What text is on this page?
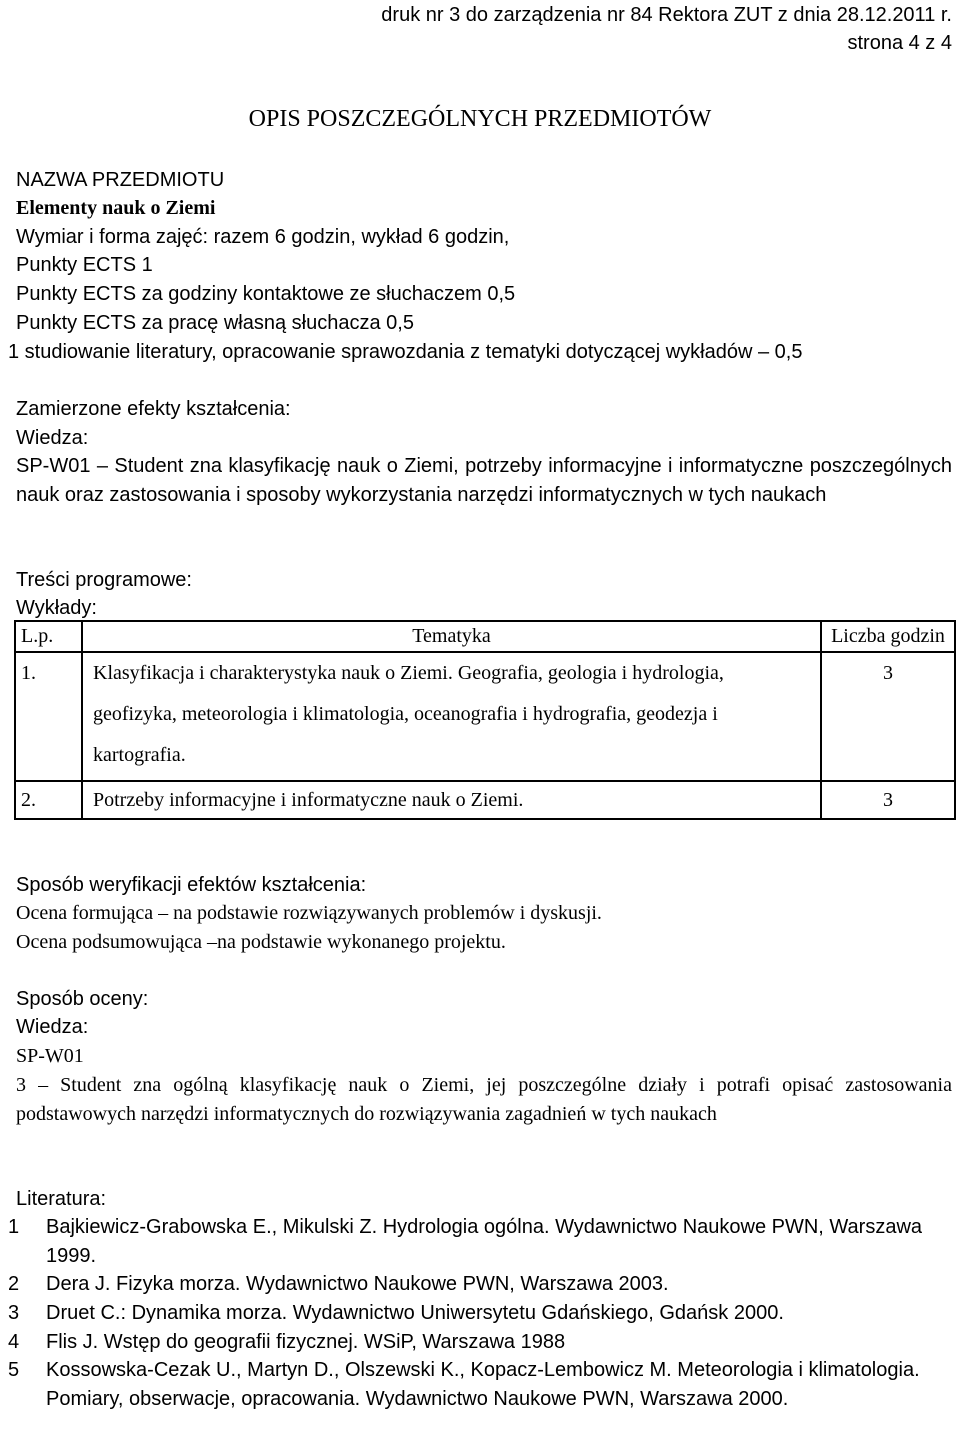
druk nr 3 do zarządzenia nr 84 Rektora ZUT z dnia 28.12.2011 r.
strona 4 z 4
OPIS POSZCZEGÓLNYCH PRZEDMIOTÓW
NAZWA PRZEDMIOTU
Elementy nauk o Ziemi
Wymiar i forma zajęć: razem 6 godzin, wykład 6 godzin,
Punkty ECTS 1
Punkty ECTS za godziny kontaktowe ze słuchaczem 0,5
Punkty ECTS za pracę własną słuchacza 0,5
1 studiowanie literatury, opracowanie sprawozdania z tematyki dotyczącej wykładów – 0,5
Zamierzone efekty kształcenia:
Wiedza:
SP-W01 – Student zna klasyfikację nauk o Ziemi, potrzeby informacyjne i informatyczne poszczególnych nauk oraz zastosowania i sposoby wykorzystania narzędzi informatycznych w tych naukach
Treści programowe:
Wykłady:
L.p.	Tematyka	Liczba godzin
1.	Klasyfikacja i charakterystyka nauk o Ziemi. Geografia, geologia i hydrologia, geofizyka, meteorologia i klimatologia, oceanografia i hydrografia, geodezja i kartografia.	3
2.	Potrzeby informacyjne i informatyczne nauk o Ziemi.	3
Sposób weryfikacji efektów kształcenia:
Ocena formująca – na podstawie rozwiązywanych problemów i dyskusji.
Ocena podsumowująca –na podstawie wykonanego projektu.
Sposób oceny:
Wiedza:
SP-W01
3 – Student zna ogólną klasyfikację nauk o Ziemi, jej poszczególne działy i potrafi opisać zastosowania podstawowych narzędzi informatycznych do rozwiązywania zagadnień w tych naukach
Literatura:
1 Bajkiewicz-Grabowska E., Mikulski Z. Hydrologia ogólna. Wydawnictwo Naukowe PWN, Warszawa 1999.
2 Dera J. Fizyka morza. Wydawnictwo Naukowe PWN, Warszawa 2003.
3 Druet C.: Dynamika morza. Wydawnictwo Uniwersytetu Gdańskiego, Gdańsk 2000.
4 Flis J. Wstęp do geografii fizycznej. WSiP, Warszawa 1988
5 Kossowska-Cezak U., Martyn D., Olszewski K., Kopacz-Lembowicz M. Meteorologia i klimatologia. Pomiary, obserwacje, opracowania. Wydawnictwo Naukowe PWN, Warszawa 2000.
